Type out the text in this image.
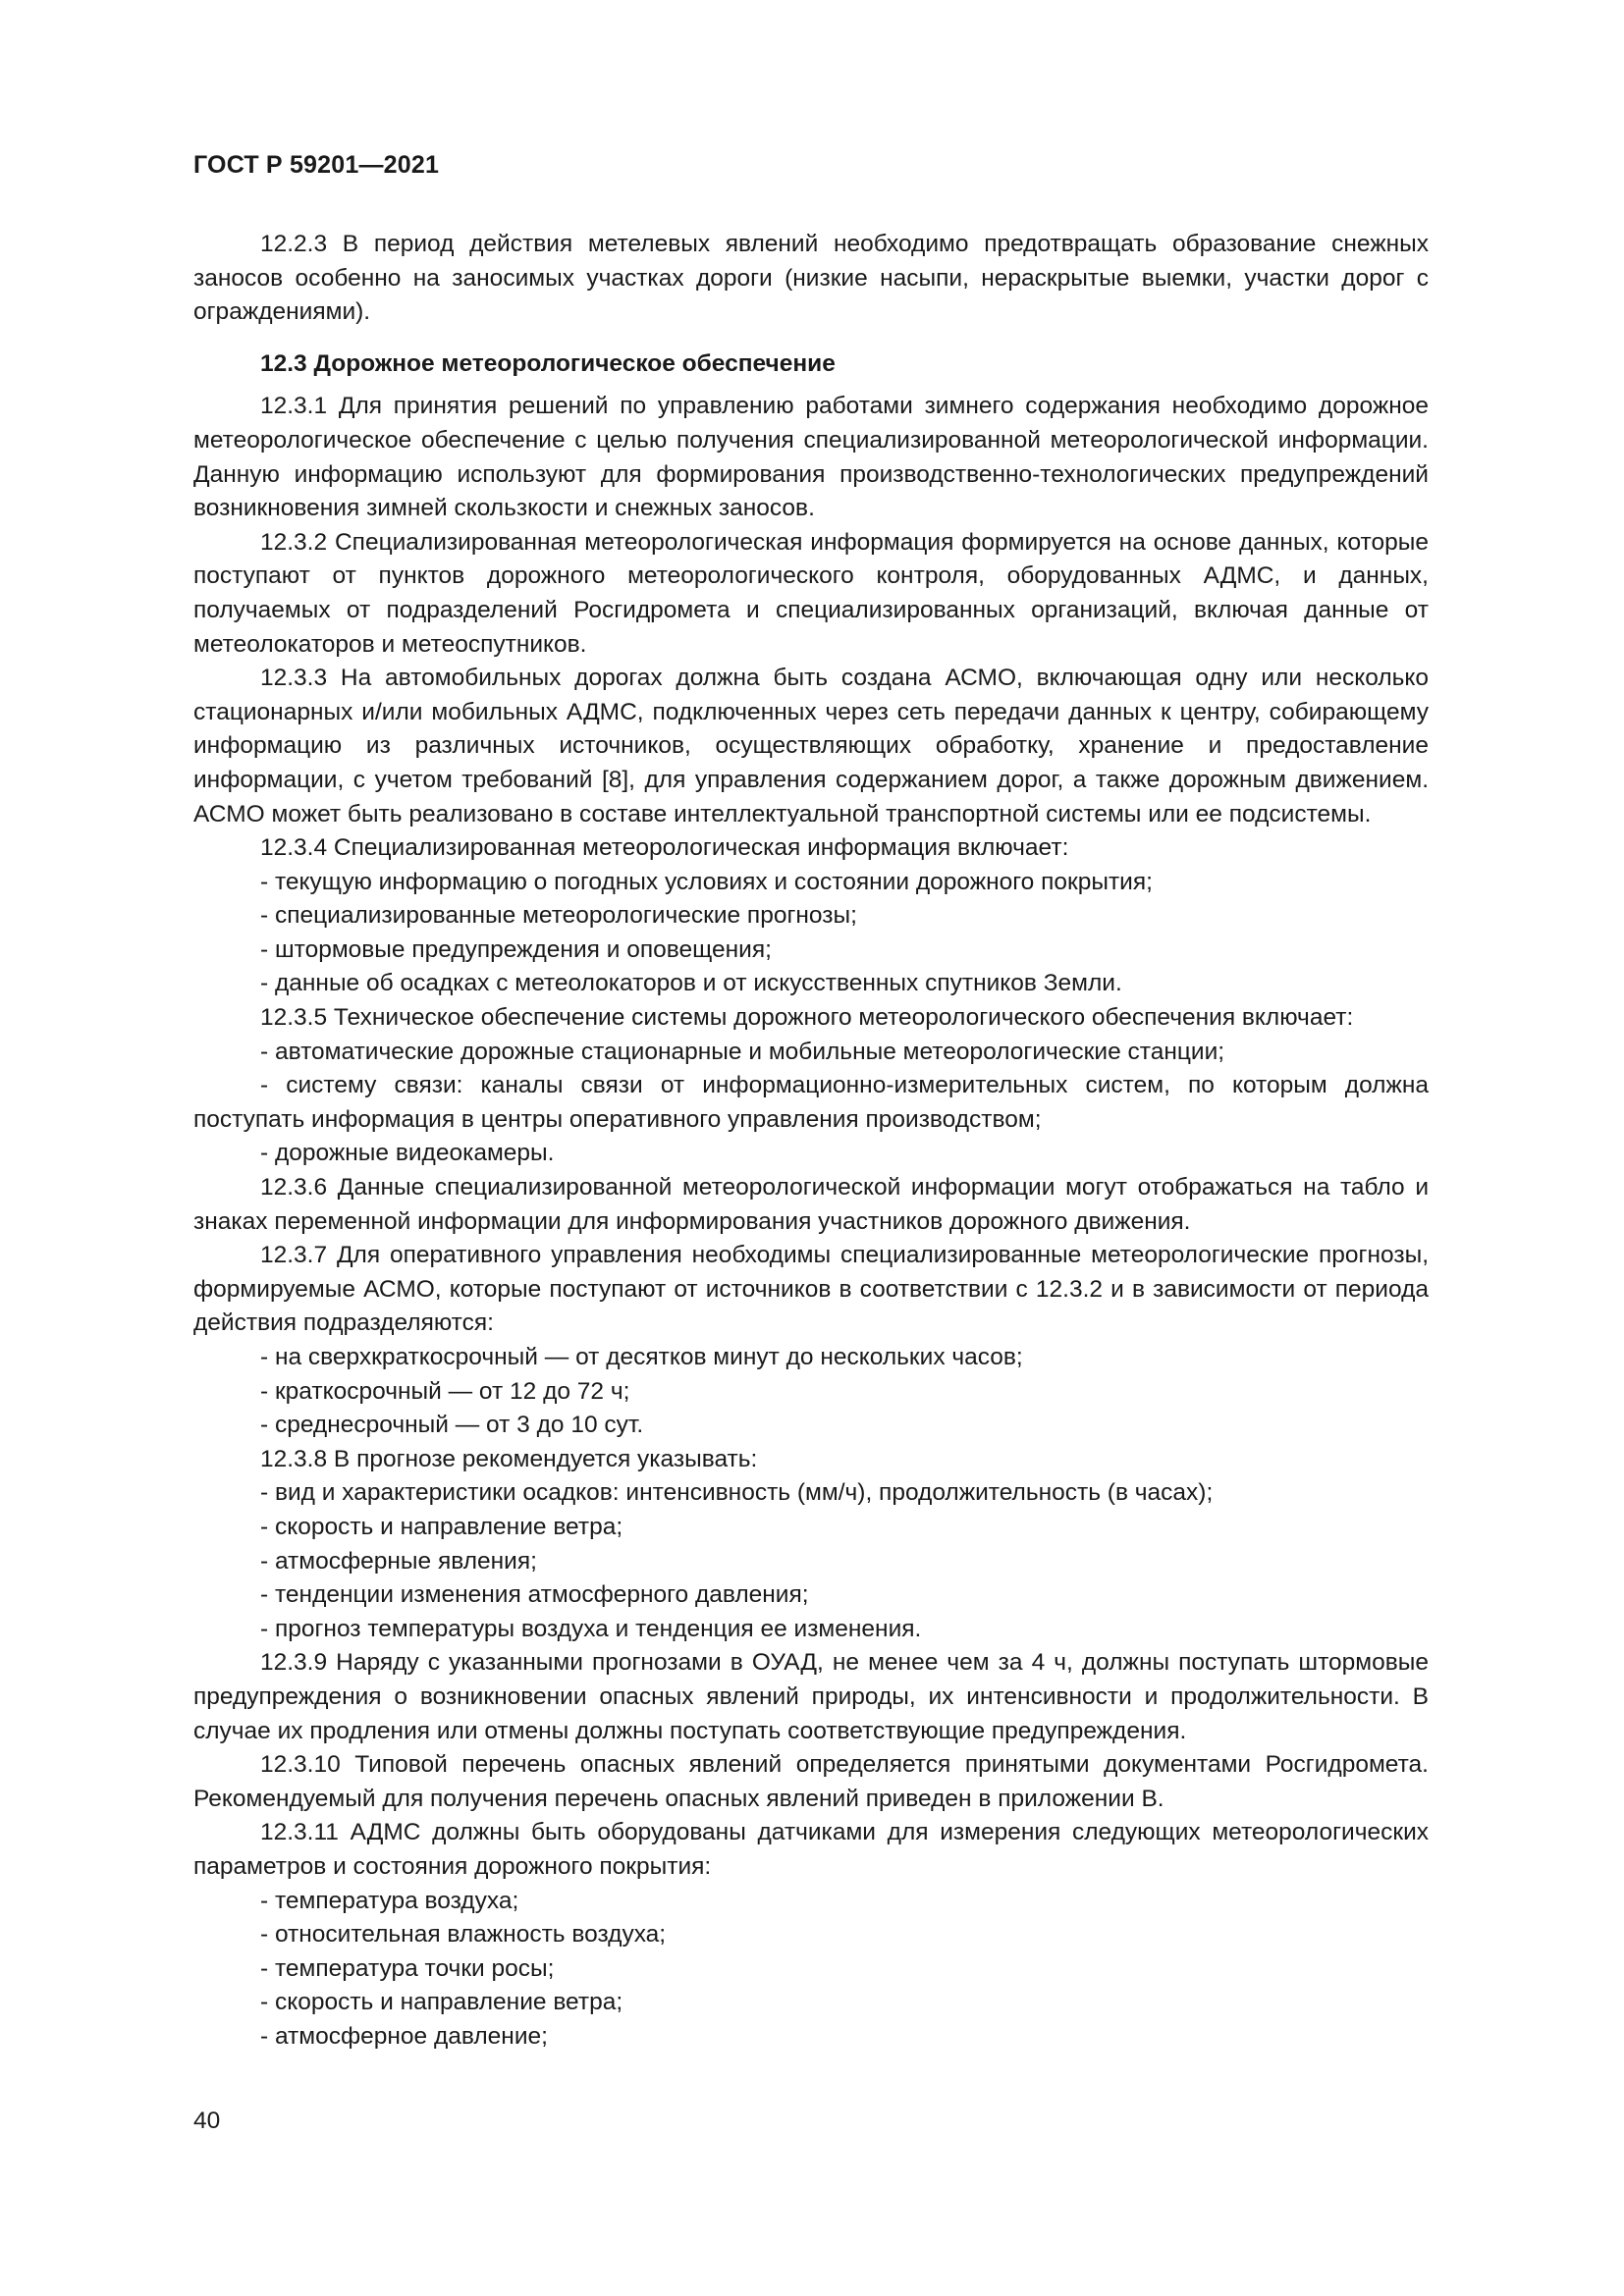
ГОСТ Р 59201—2021

12.2.3 В период действия метелевых явлений необходимо предотвращать образование снежных заносов особенно на заносимых участках дороги (низкие насыпи, нераскрытые выемки, участки дорог с ограждениями).

12.3 Дорожное метеорологическое обеспечение

12.3.1 Для принятия решений по управлению работами зимнего содержания необходимо дорожное метеорологическое обеспечение с целью получения специализированной метеорологической информации. Данную информацию используют для формирования производственно-технологических предупреждений возникновения зимней скользкости и снежных заносов.

12.3.2 Специализированная метеорологическая информация формируется на основе данных, которые поступают от пунктов дорожного метеорологического контроля, оборудованных АДМС, и данных, получаемых от подразделений Росгидромета и специализированных организаций, включая данные от метеолокаторов и метеоспутников.

12.3.3 На автомобильных дорогах должна быть создана АСМО, включающая одну или несколько стационарных и/или мобильных АДМС, подключенных через сеть передачи данных к центру, собирающему информацию из различных источников, осуществляющих обработку, хранение и предоставление информации, с учетом требований [8], для управления содержанием дорог, а также дорожным движением. АСМО может быть реализовано в составе интеллектуальной транспортной системы или ее подсистемы.

12.3.4 Специализированная метеорологическая информация включает:

- текущую информацию о погодных условиях и состоянии дорожного покрытия;

- специализированные метеорологические прогнозы;

- штормовые предупреждения и оповещения;

- данные об осадках с метеолокаторов и от искусственных спутников Земли.

12.3.5 Техническое обеспечение системы дорожного метеорологического обеспечения включает:

- автоматические дорожные стационарные и мобильные метеорологические станции;

- систему связи: каналы связи от информационно-измерительных систем, по которым должна поступать информация в центры оперативного управления производством;

- дорожные видеокамеры.

12.3.6 Данные специализированной метеорологической информации могут отображаться на табло и знаках переменной информации для информирования участников дорожного движения.

12.3.7 Для оперативного управления необходимы специализированные метеорологические прогнозы, формируемые АСМО, которые поступают от источников в соответствии с 12.3.2 и в зависимости от периода действия подразделяются:

- на сверхкраткосрочный — от десятков минут до нескольких часов;

- краткосрочный — от 12 до 72 ч;

- среднесрочный — от 3 до 10 сут.

12.3.8 В прогнозе рекомендуется указывать:

- вид и характеристики осадков: интенсивность (мм/ч), продолжительность (в часах);

- скорость и направление ветра;

- атмосферные явления;

- тенденции изменения атмосферного давления;

- прогноз температуры воздуха и тенденция ее изменения.

12.3.9 Наряду с указанными прогнозами в ОУАД, не менее чем за 4 ч, должны поступать штормовые предупреждения о возникновении опасных явлений природы, их интенсивности и продолжительности. В случае их продления или отмены должны поступать соответствующие предупреждения.

12.3.10 Типовой перечень опасных явлений определяется принятыми документами Росгидромета. Рекомендуемый для получения перечень опасных явлений приведен в приложении В.

12.3.11 АДМС должны быть оборудованы датчиками для измерения следующих метеорологических параметров и состояния дорожного покрытия:

- температура воздуха;

- относительная влажность воздуха;

- температура точки росы;

- скорость и направление ветра;

- атмосферное давление;

40
